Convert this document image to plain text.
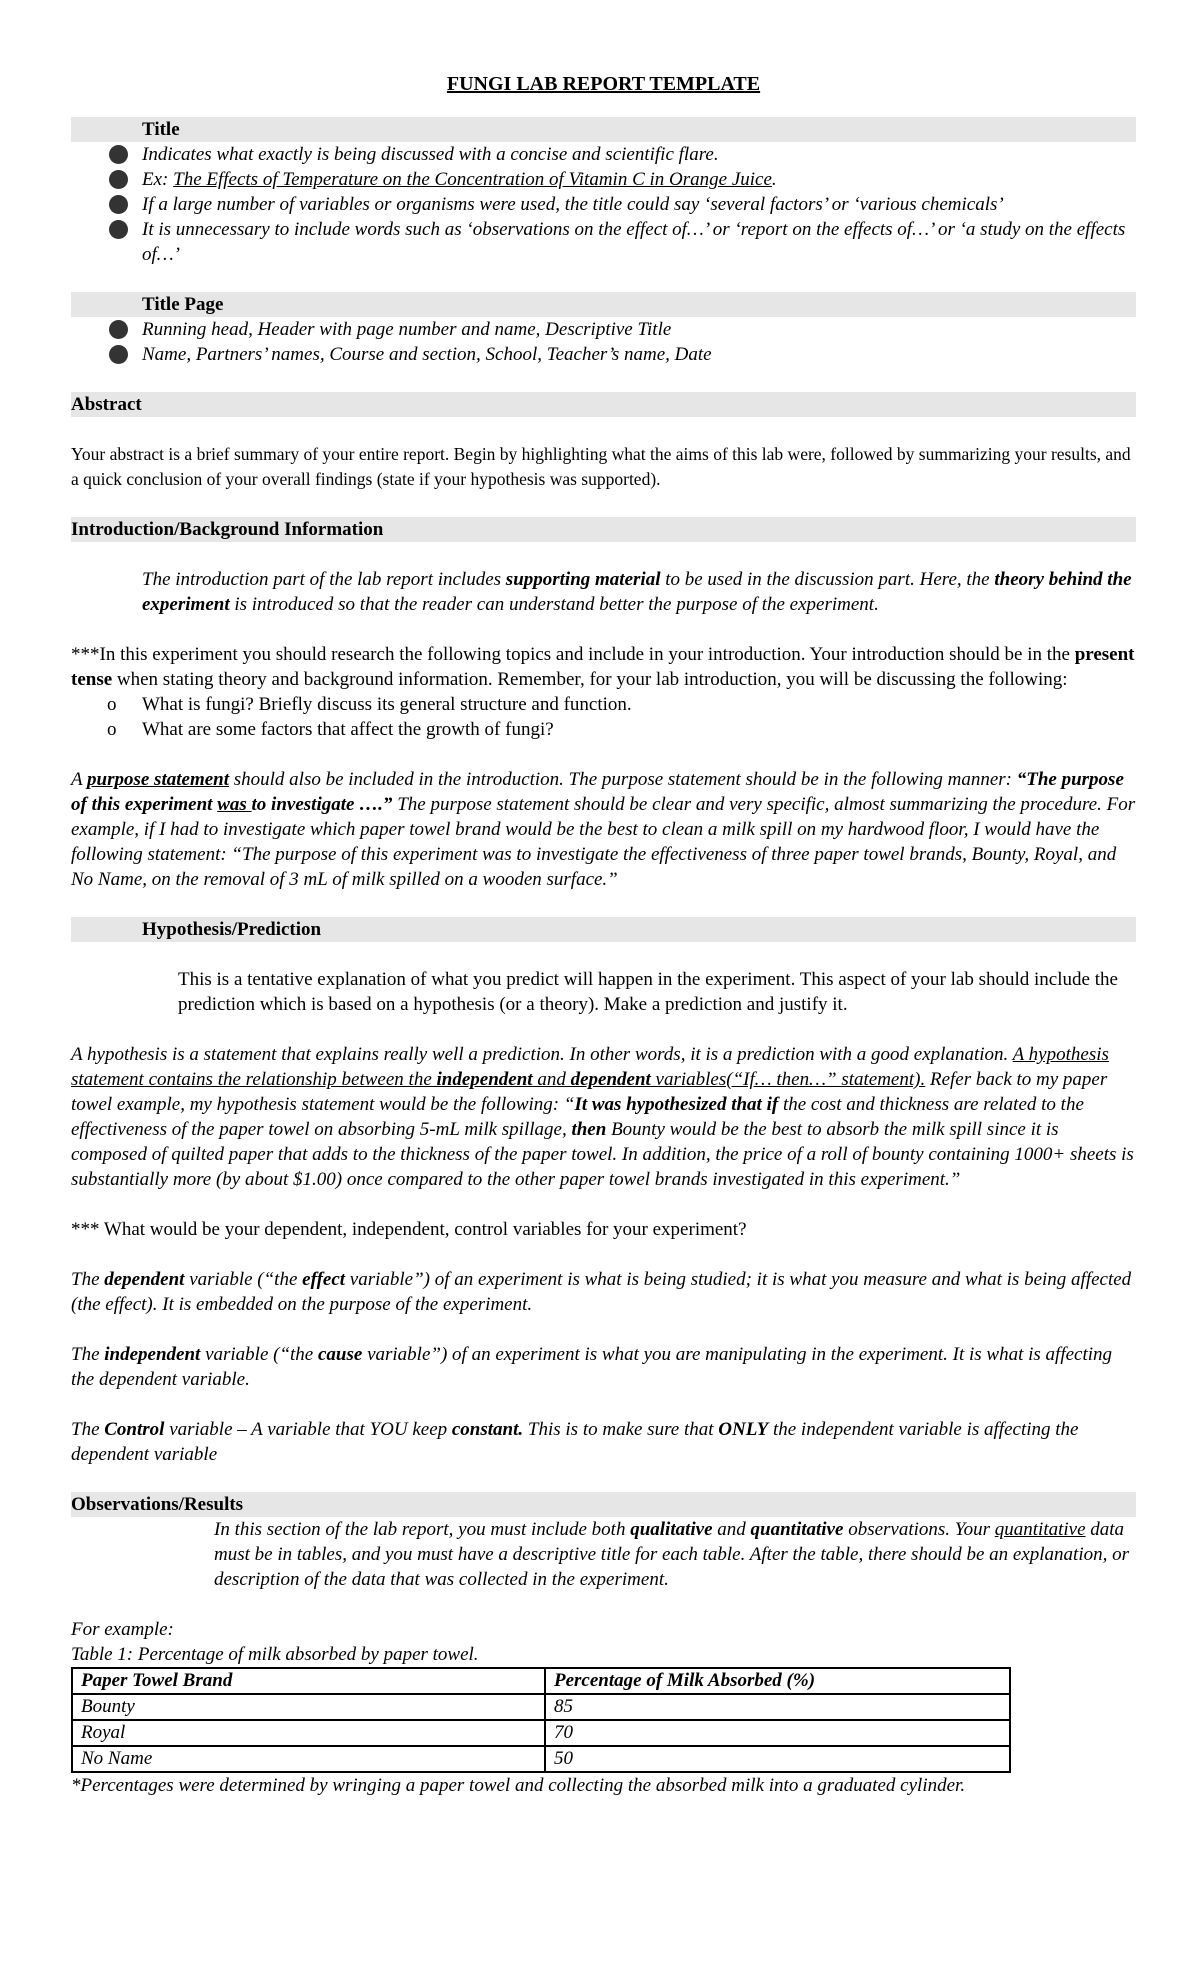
FUNGI LAB REPORT TEMPLATE
Title
Indicates what exactly is being discussed with a concise and scientific flare.
Ex: The Effects of Temperature on the Concentration of Vitamin C in Orange Juice.
If a large number of variables or organisms were used, the title could say ‘several factors’ or ‘various chemicals’
It is unnecessary to include words such as ‘observations on the effect of…’ or ‘report on the effects of…’ or ‘a study on the effects of…’
Title Page
Running head, Header with page number and name, Descriptive Title
Name, Partners’ names, Course and section, School, Teacher’s name, Date
Abstract

Your abstract is a brief summary of your entire report. Begin by highlighting what the aims of this lab were, followed by summarizing your results, and a quick conclusion of your overall findings (state if your hypothesis was supported).

Introduction/Background Information

The introduction part of the lab report includes supporting material to be used in the discussion part. Here, the theory behind the experiment is introduced so that the reader can understand better the purpose of the experiment.

***In this experiment you should research the following topics and include in your introduction. Your introduction should be in the present tense when stating theory and background information. Remember, for your lab introduction, you will be discussing the following:

o What is fungi? Briefly discuss its general structure and function.
o What are some factors that affect the growth of fungi?

A purpose statement should also be included in the introduction. The purpose statement should be in the following manner: “The purpose of this experiment was to investigate ….” The purpose statement should be clear and very specific, almost summarizing the procedure. For example, if I had to investigate which paper towel brand would be the best to clean a milk spill on my hardwood floor, I would have the following statement: “The purpose of this experiment was to investigate the effectiveness of three paper towel brands, Bounty, Royal, and No Name, on the removal of 3 mL of milk spilled on a wooden surface.”

Hypothesis/Prediction

This is a tentative explanation of what you predict will happen in the experiment. This aspect of your lab should include the prediction which is based on a hypothesis (or a theory). Make a prediction and justify it.

A hypothesis is a statement that explains really well a prediction. In other words, it is a prediction with a good explanation. A hypothesis statement contains the relationship between the independent and dependent variables(“If… then…” statement). Refer back to my paper towel example, my hypothesis statement would be the following: “It was hypothesized that if the cost and thickness are related to the effectiveness of the paper towel on absorbing 5-mL milk spillage, then Bounty would be the best to absorb the milk spill since it is composed of quilted paper that adds to the thickness of the paper towel. In addition, the price of a roll of bounty containing 1000+ sheets is substantially more (by about $1.00) once compared to the other paper towel brands investigated in this experiment.”

*** What would be your dependent, independent, control variables for your experiment?

The dependent variable (“the effect variable”) of an experiment is what is being studied; it is what you measure and what is being affected (the effect). It is embedded on the purpose of the experiment.

The independent variable (“the cause variable”) of an experiment is what you are manipulating in the experiment. It is what is affecting the dependent variable.

The Control variable – A variable that YOU keep constant. This is to make sure that ONLY the independent variable is affecting the dependent variable

Observations/Results

In this section of the lab report, you must include both qualitative and quantitative observations. Your quantitative data must be in tables, and you must have a descriptive title for each table. After the table, there should be an explanation, or description of the data that was collected in the experiment.

For example:

Table 1: Percentage of milk absorbed by paper towel.

Paper Towel Brand	Percentage of Milk Absorbed (%)
Bounty	85
Royal	70
No Name	50

*Percentages were determined by wringing a paper towel and collecting the absorbed milk into a graduated cylinder.
